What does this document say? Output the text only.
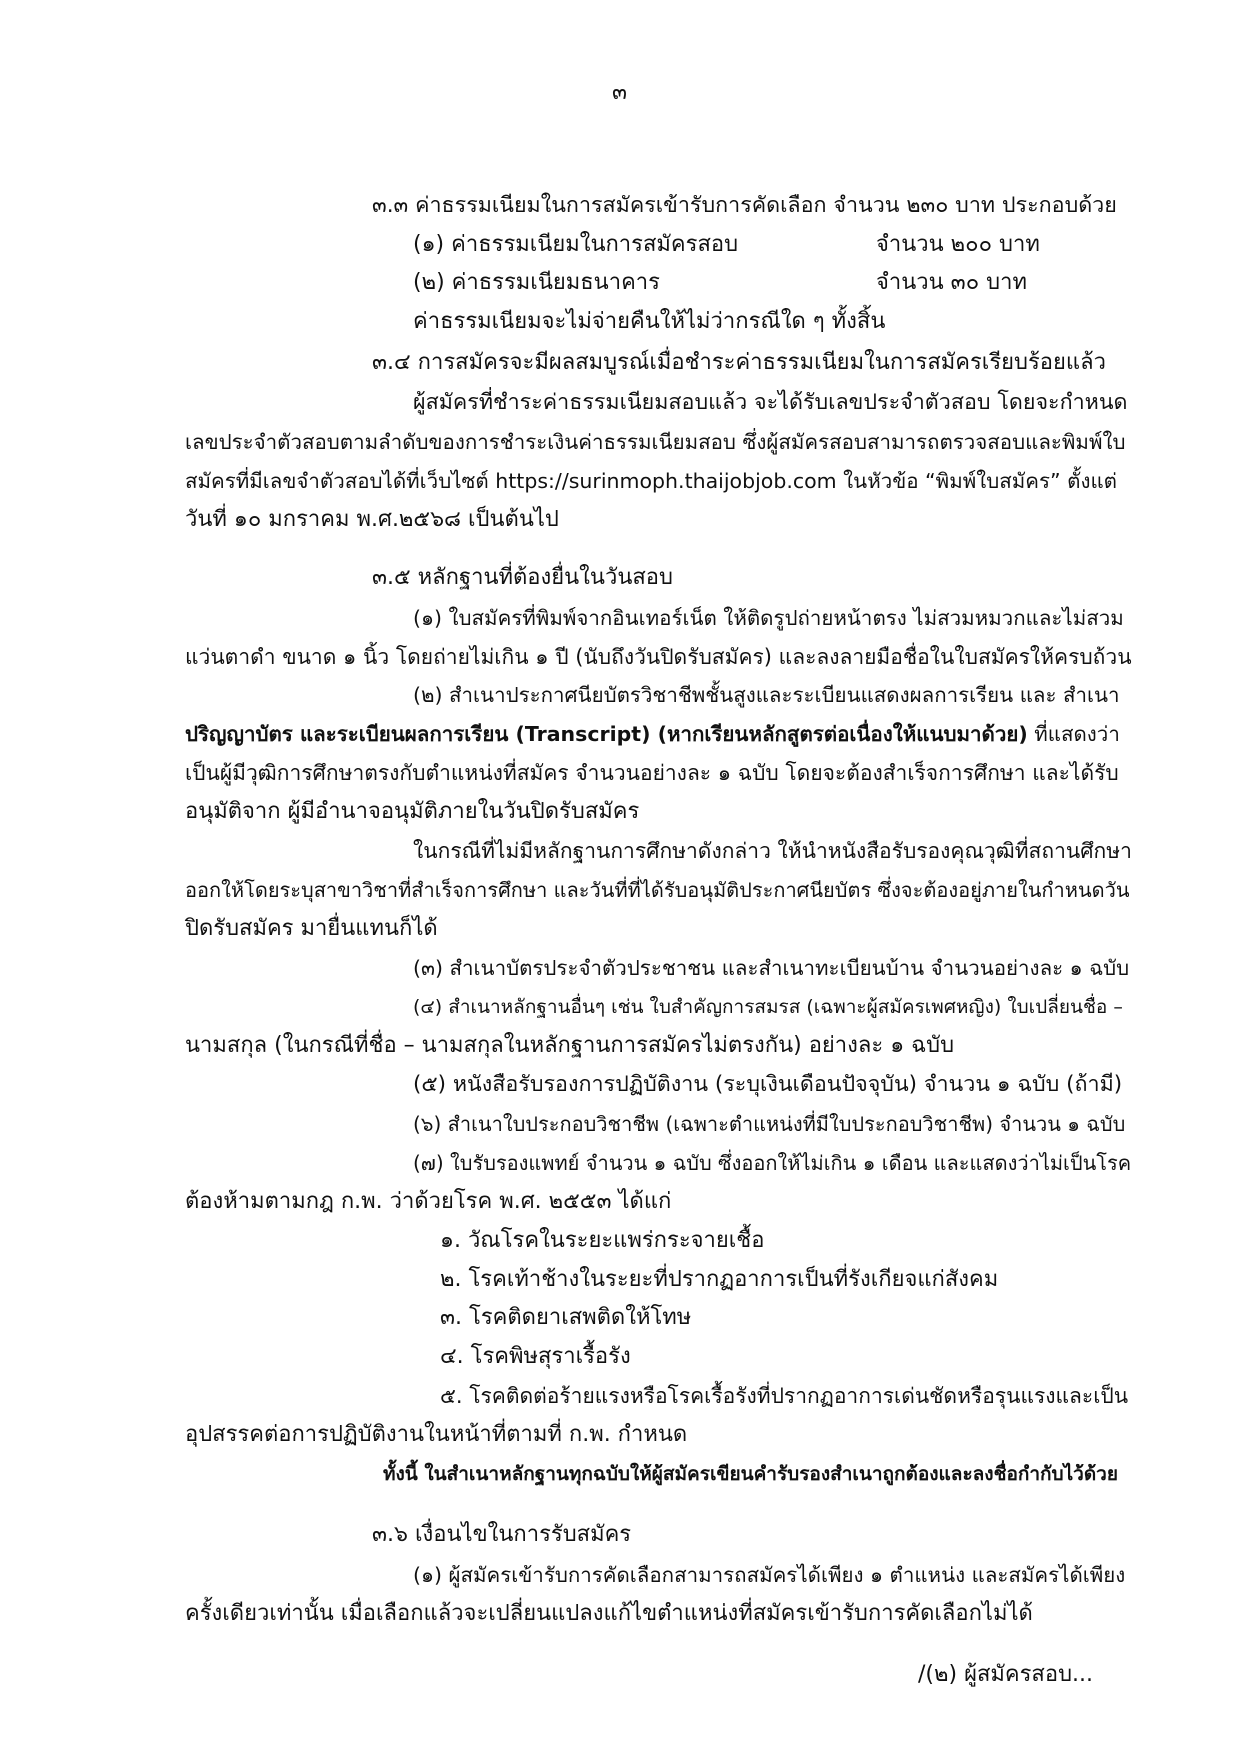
๓
๓.๓ ค่าธรรมเนียมในการสมัครเข้ารับการคัดเลือก จำนวน ๒๓๐ บาท ประกอบด้วย
(๑) ค่าธรรมเนียมในการสมัครสอบ	จำนวน ๒๐๐ บาท
(๒) ค่าธรรมเนียมธนาคาร	จำนวน ๓๐ บาท
ค่าธรรมเนียมจะไม่จ่ายคืนให้ไม่ว่ากรณีใด ๆ ทั้งสิ้น
๓.๔ การสมัครจะมีผลสมบูรณ์เมื่อชำระค่าธรรมเนียมในการสมัครเรียบร้อยแล้ว
ผู้สมัครที่ชำระค่าธรรมเนียมสอบแล้ว จะได้รับเลขประจำตัวสอบ โดยจะกำหนด
เลขประจำตัวสอบตามลำดับของการชำระเงินค่าธรรมเนียมสอบ ซึ่งผู้สมัครสอบสามารถตรวจสอบและพิมพ์ใบ
สมัครที่มีเลขจำตัวสอบได้ที่เว็บไซต์ https://surinmoph.thaijobjob.com ในหัวข้อ “พิมพ์ใบสมัคร” ตั้งแต่
วันที่ ๑๐ มกราคม พ.ศ.๒๕๖๘ เป็นต้นไป
๓.๕ หลักฐานที่ต้องยื่นในวันสอบ
(๑) ใบสมัครที่พิมพ์จากอินเทอร์เน็ต ให้ติดรูปถ่ายหน้าตรง ไม่สวมหมวกและไม่สวม
แว่นตาดำ ขนาด ๑ นิ้ว โดยถ่ายไม่เกิน ๑ ปี (นับถึงวันปิดรับสมัคร) และลงลายมือชื่อในใบสมัครให้ครบถ้วน
(๒) สำเนาประกาศนียบัตรวิชาชีพชั้นสูงและระเบียนแสดงผลการเรียน และ สำเนา
ปริญญาบัตร และระเบียนผลการเรียน (Transcript) (หากเรียนหลักสูตรต่อเนื่องให้แนบมาด้วย) ที่แสดงว่า
เป็นผู้มีวุฒิการศึกษาตรงกับตำแหน่งที่สมัคร จำนวนอย่างละ ๑ ฉบับ โดยจะต้องสำเร็จการศึกษา และได้รับ
อนุมัติจาก ผู้มีอำนาจอนุมัติภายในวันปิดรับสมัคร
ในกรณีที่ไม่มีหลักฐานการศึกษาดังกล่าว ให้นำหนังสือรับรองคุณวุฒิที่สถานศึกษา
ออกให้โดยระบุสาขาวิชาที่สำเร็จการศึกษา และวันที่ที่ได้รับอนุมัติประกาศนียบัตร ซึ่งจะต้องอยู่ภายในกำหนดวัน
ปิดรับสมัคร มายื่นแทนก็ได้
(๓) สำเนาบัตรประจำตัวประชาชน และสำเนาทะเบียนบ้าน จำนวนอย่างละ ๑ ฉบับ
(๔) สำเนาหลักฐานอื่นๆ เช่น ใบสำคัญการสมรส (เฉพาะผู้สมัครเพศหญิง) ใบเปลี่ยนชื่อ –
นามสกุล (ในกรณีที่ชื่อ – นามสกุลในหลักฐานการสมัครไม่ตรงกัน) อย่างละ ๑ ฉบับ
(๕) หนังสือรับรองการปฏิบัติงาน (ระบุเงินเดือนปัจจุบัน) จำนวน ๑ ฉบับ (ถ้ามี)
(๖) สำเนาใบประกอบวิชาชีพ (เฉพาะตำแหน่งที่มีใบประกอบวิชาชีพ) จำนวน ๑ ฉบับ
(๗) ใบรับรองแพทย์ จำนวน ๑ ฉบับ ซึ่งออกให้ไม่เกิน ๑ เดือน และแสดงว่าไม่เป็นโรค
ต้องห้ามตามกฎ ก.พ. ว่าด้วยโรค พ.ศ. ๒๕๕๓ ได้แก่
๑. วัณโรคในระยะแพร่กระจายเชื้อ
๒. โรคเท้าช้างในระยะที่ปรากฏอาการเป็นที่รังเกียจแก่สังคม
๓. โรคติดยาเสพติดให้โทษ
๔. โรคพิษสุราเรื้อรัง
๕. โรคติดต่อร้ายแรงหรือโรคเรื้อรังที่ปรากฏอาการเด่นชัดหรือรุนแรงและเป็น
อุปสรรคต่อการปฏิบัติงานในหน้าที่ตามที่ ก.พ. กำหนด
ทั้งนี้ ในสำเนาหลักฐานทุกฉบับให้ผู้สมัครเขียนคำรับรองสำเนาถูกต้องและลงชื่อกำกับไว้ด้วย
๓.๖ เงื่อนไขในการรับสมัคร
(๑) ผู้สมัครเข้ารับการคัดเลือกสามารถสมัครได้เพียง ๑ ตำแหน่ง และสมัครได้เพียง
ครั้งเดียวเท่านั้น เมื่อเลือกแล้วจะเปลี่ยนแปลงแก้ไขตำแหน่งที่สมัครเข้ารับการคัดเลือกไม่ได้
/(๒) ผู้สมัครสอบ...
